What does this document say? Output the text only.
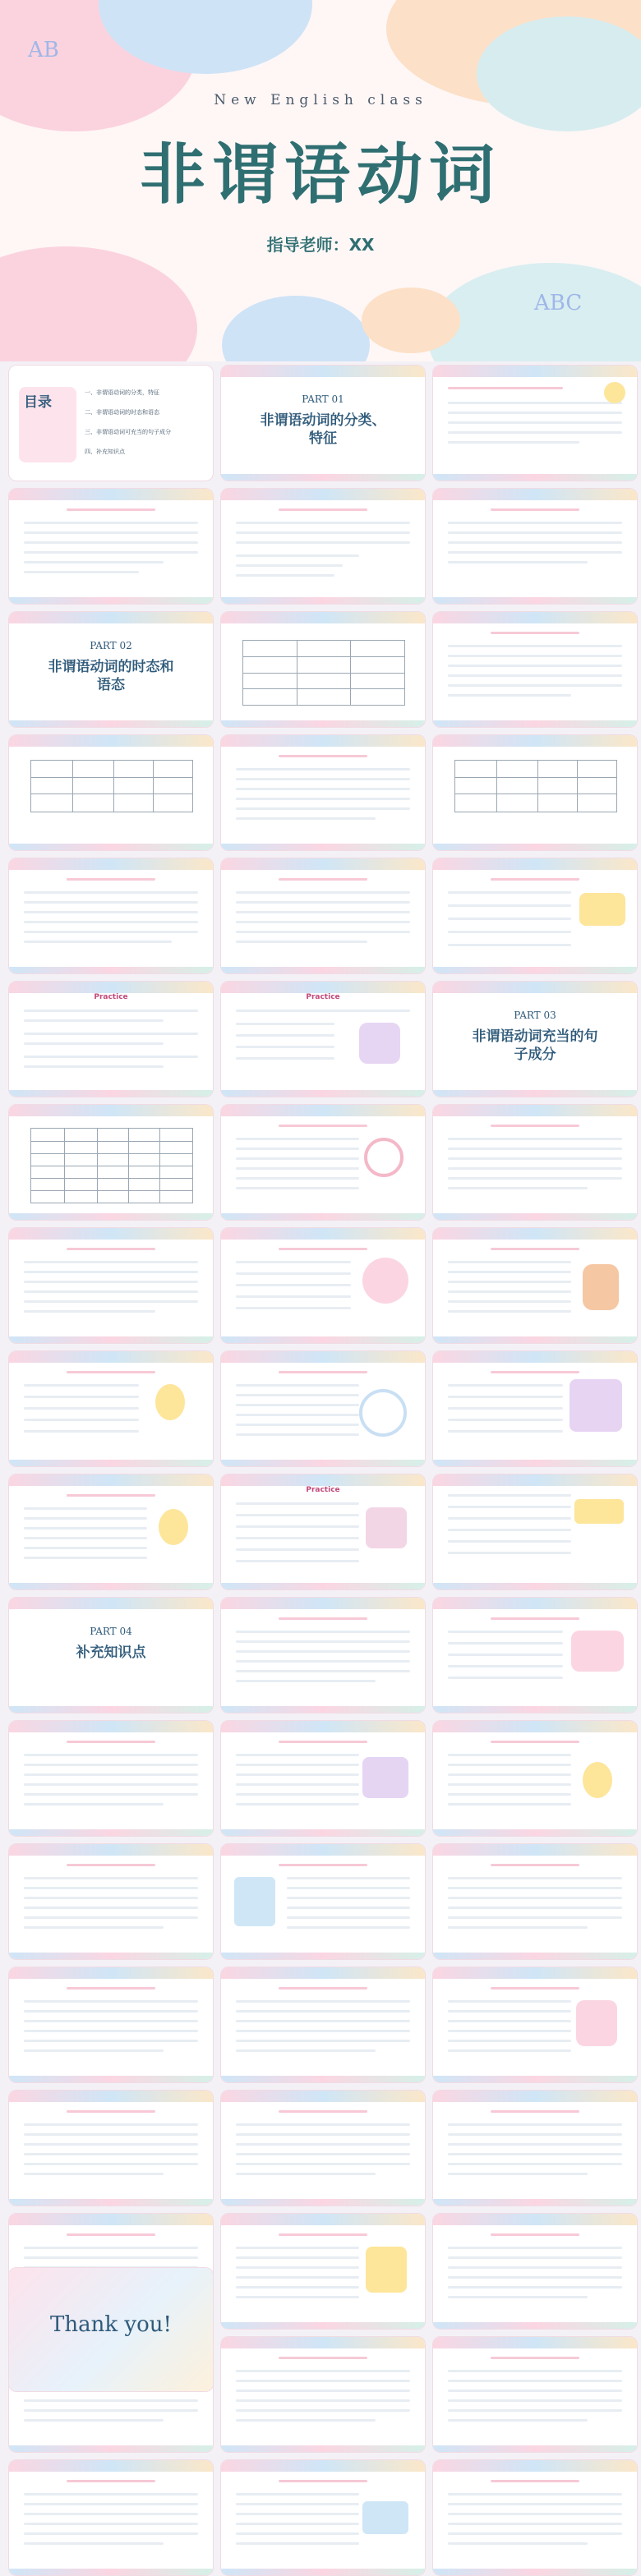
AB
ABC
New English class
非谓语动词
指导老师：XX
目录
一、非谓语动词的分类，特征
二、非谓语动词的时态和语态
三、非谓语动词可充当的句子成分
四、补充知识点
PART 01
非谓语动词的分类、特征
PART 02
非谓语动词的时态和语态
Practice	Practice
PART 03
非谓语动词充当的句子成分
Practice
PART 04
补充知识点
Thank you!
